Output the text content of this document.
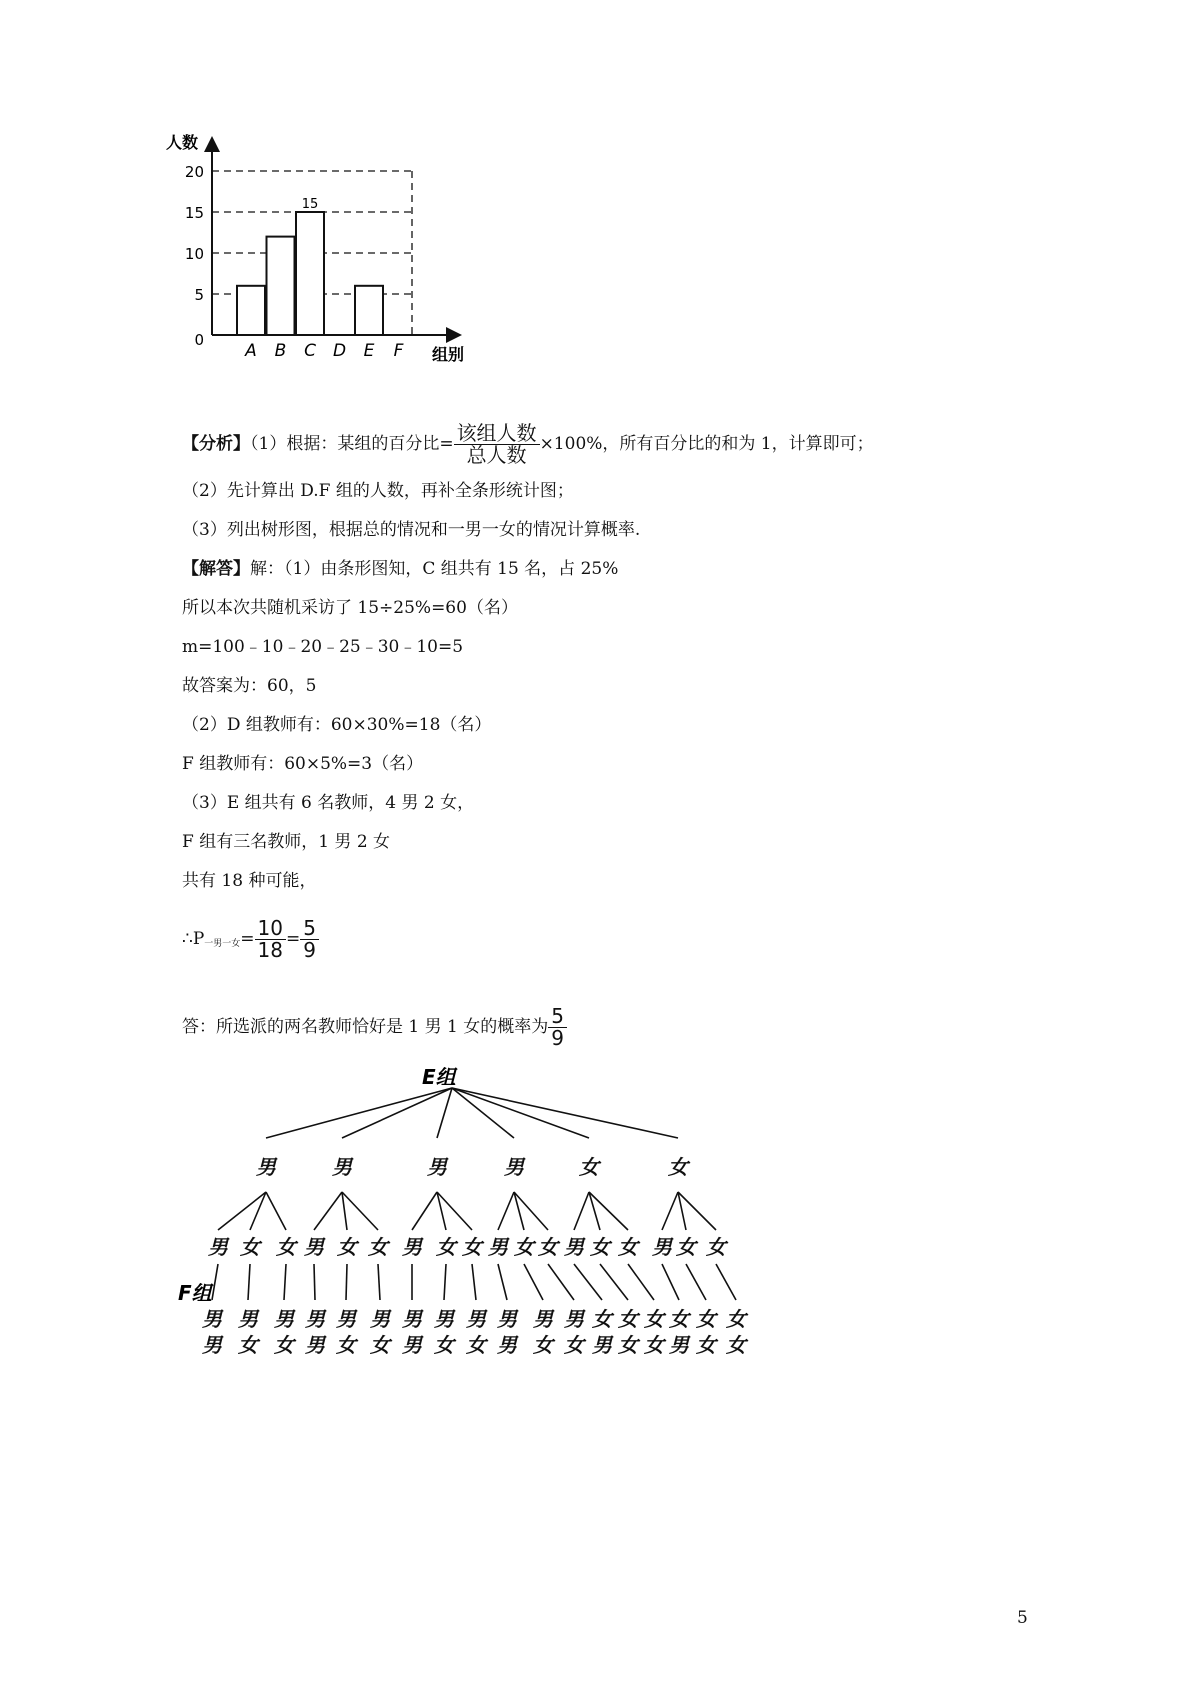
15
0
5
10
15
20
A B C D E F
人数
组别
【分析】（1）根据：某组的百分比= $\frac{\text{该组人数}}{\text{总人数}} \times 100\%$，所有百分比的和为 1，计算即可；
（2）先计算出 D.F 组的人数，再补全条形统计图；
（3）列出树形图，根据总的情况和一男一女的情况计算概率.
【解答】解：（1）由条形图知，C 组共有 15 名，占 25%
所以本次共随机采访了 15÷25%=60（名）
m=100﹣10﹣20﹣25﹣30﹣10=5
故答案为：60，5
（2）D 组教师有：60×30%=18（名）
F 组教师有：60×5%=3（名）
（3）E 组共有 6 名教师，4 男 2 女，
F 组有三名教师，1 男 2 女
共有 18 种可能，
$\therefore P_{一男一女}= \frac{10}{18} = \frac{5}{9}$
答：所选派的两名教师恰好是 1 男 1 女的概率为 $\frac{5}{9}$
男	男	男	男	女	女
男
男
男
女
男
女
女
男
女
男
男
男
女
男
女
女
男
女
男
男
男
女
男
女
女
男
女
男
男
男
女
男
女
女
男
女
男
女
男
女
女
女
女
女
女
男
女
男
女
女
女
女
女
女
E组
F组
5
